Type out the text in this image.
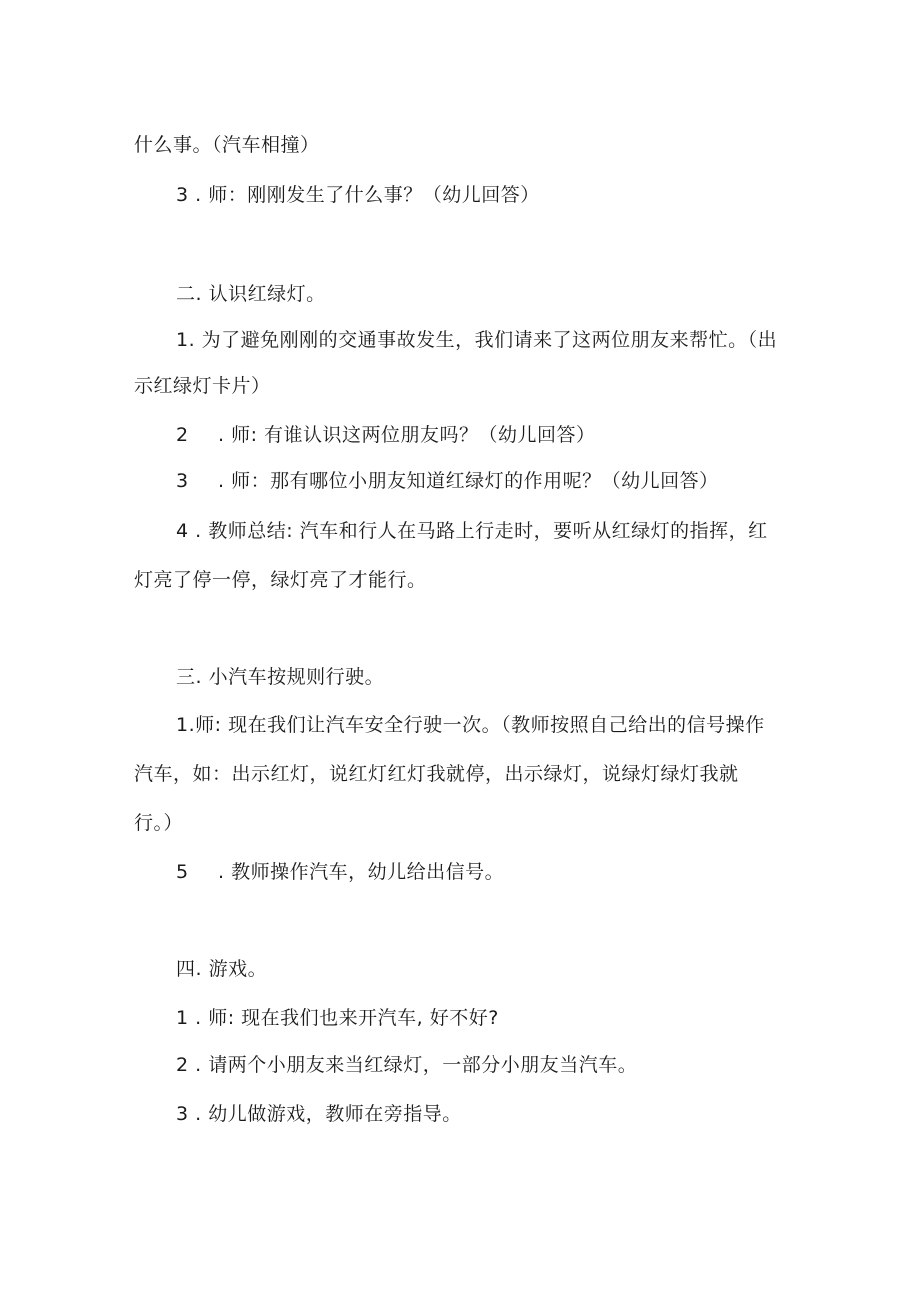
什么事。（汽车相撞）

3 . 师：刚刚发生了什么事？（幼儿回答）

二. 认识红绿灯。

1. 为了避免刚刚的交通事故发生，我们请来了这两位朋友来帮忙。（出

示红绿灯卡片）

2 . 师: 有谁认识这两位朋友吗？（幼儿回答）

3 . 师：那有哪位小朋友知道红绿灯的作用呢？（幼儿回答）

4 . 教师总结: 汽车和行人在马路上行走时，要听从红绿灯的指挥，红

灯亮了停一停，绿灯亮了才能行。

三. 小汽车按规则行驶。

1.师: 现在我们让汽车安全行驶一次。（教师按照自己给出的信号操作

汽车，如：出示红灯，说红灯红灯我就停，出示绿灯，说绿灯绿灯我就

行。）

5 . 教师操作汽车，幼儿给出信号。

四. 游戏。

1 . 师: 现在我们也来开汽车, 好不好?

2 . 请两个小朋友来当红绿灯，一部分小朋友当汽车。

3 . 幼儿做游戏，教师在旁指导。
